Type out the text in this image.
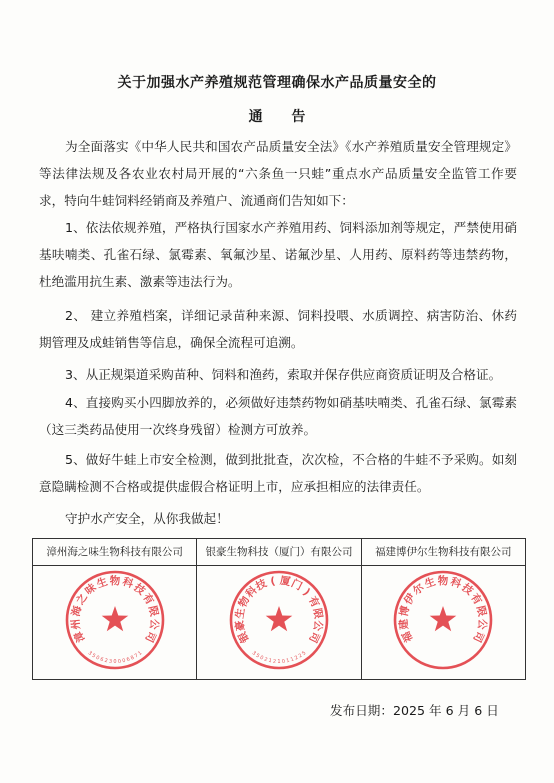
关于加强水产养殖规范管理确保水产品质量安全的
通 告
为全面落实《中华人民共和国农产品质量安全法》《水产养殖质量安全管理规定》等法律法规及各农业农村局开展的“六条鱼一只蛙”重点水产品质量安全监管工作要求，特向牛蛙饲料经销商及养殖户、流通商们告知如下：
1、依法依规养殖，严格执行国家水产养殖用药、饲料添加剂等规定，严禁使用硝基呋喃类、孔雀石绿、氯霉素、氧氟沙星、诺氟沙星、人用药、原料药等违禁药物，杜绝滥用抗生素、激素等违法行为。
2、 建立养殖档案，详细记录苗种来源、饲料投喂、水质调控、病害防治、休药期管理及成蛙销售等信息，确保全流程可追溯。
3、从正规渠道采购苗种、饲料和渔药，索取并保存供应商资质证明及合格证。
4、直接购买小四脚放养的，必须做好违禁药物如硝基呋喃类、孔雀石绿、氯霉素（这三类药品使用一次终身残留）检测方可放养。
5、做好牛蛙上市安全检测，做到批批查，次次检，不合格的牛蛙不予采购。如刻意隐瞒检测不合格或提供虚假合格证明上市，应承担相应的法律责任。
守护水产安全，从你我做起！
漳州海之味生物科技有限公司
漳
州
海
之
味
生 物 科
技
有
限
公
司
3
5
0 6 2 3 0 0 0 6 8
7
1
银豪生物科技（厦门）有限公司
银
豪
生
物
科
技 ( 厦
门
)
有
限
公
司
3
5
0 2 1 2 1 0 1 1 2
2
5
福建博伊尔生物科技有限公司
福
建
博
伊
尔
生 物 科
技
有
限
公
司
发布日期：2025 年 6 月 6 日
